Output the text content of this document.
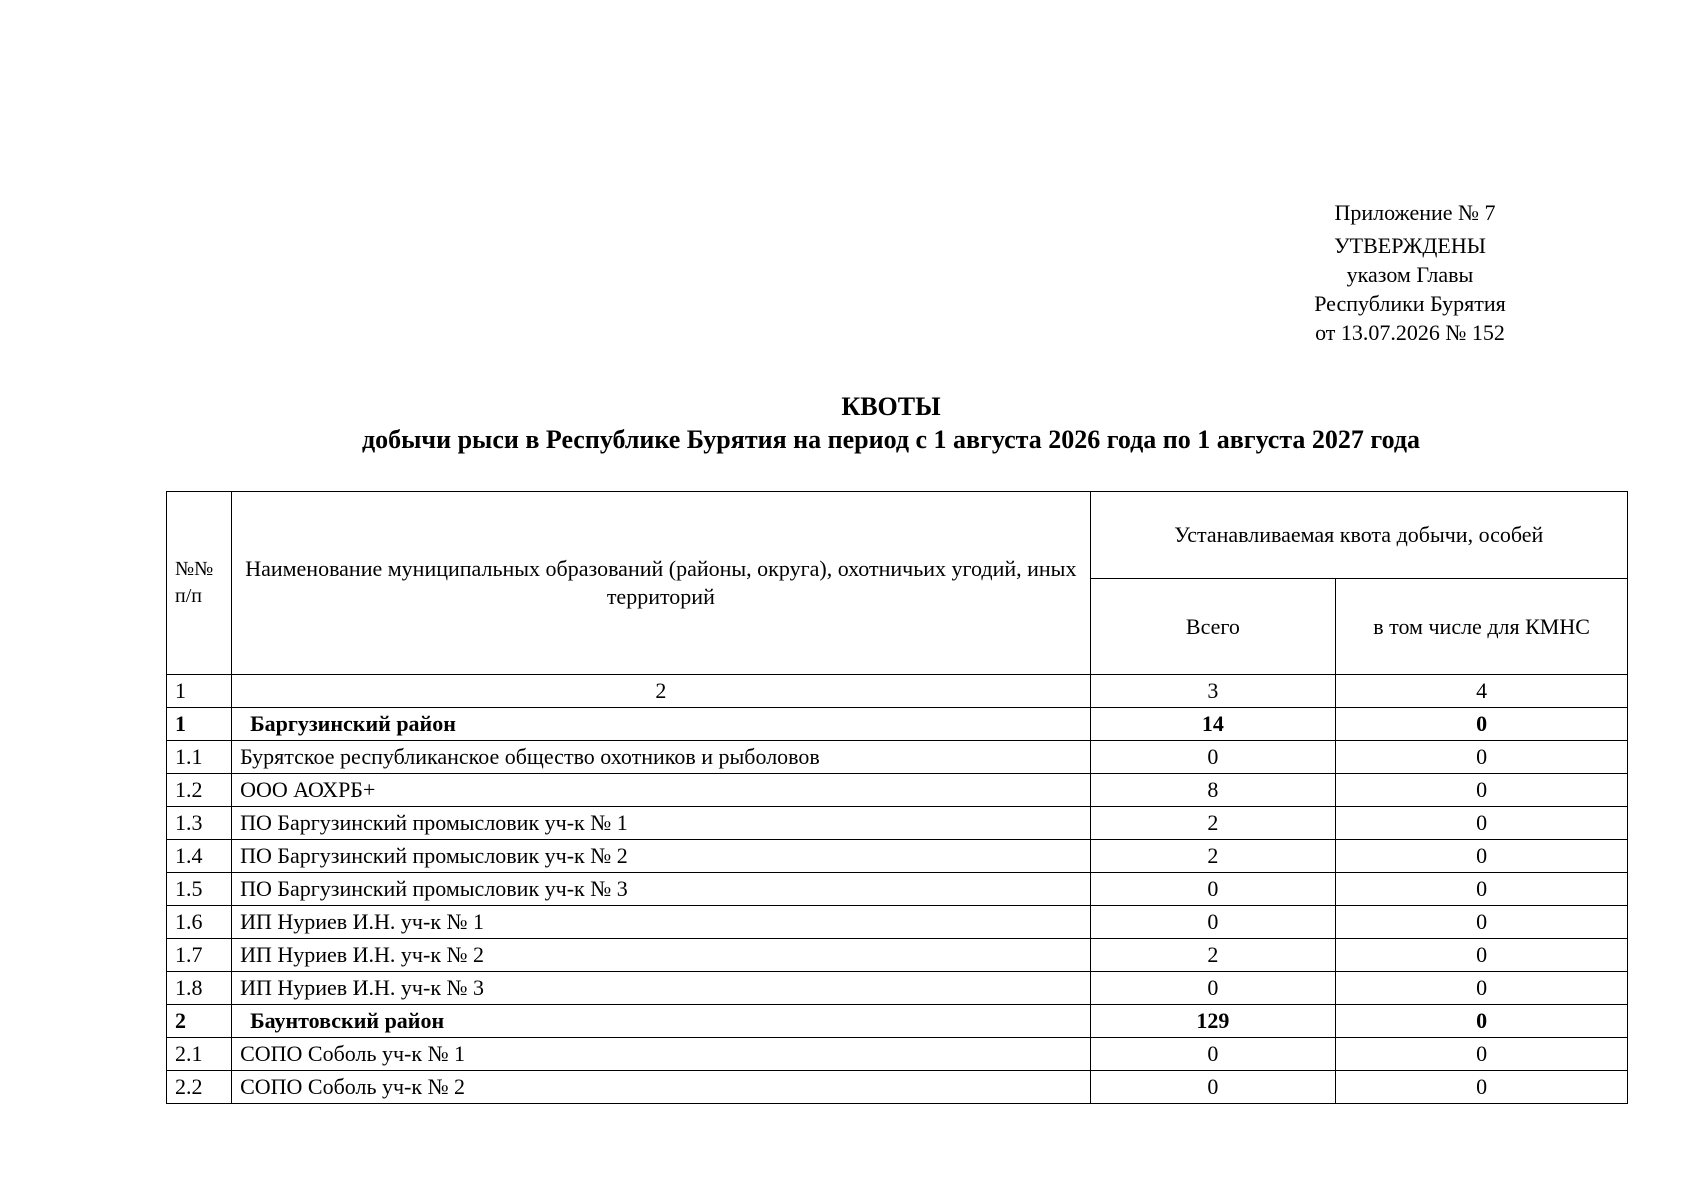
Приложение № 7
УТВЕРЖДЕНЫ
указом Главы
Республики Бурятия
от 13.07.2026 № 152
КВОТЫ
добычи рыси в Республике Бурятия на период с 1 августа 2026 года по 1 августа 2027 года
№№ п/п	Наименование муниципальных образований (районы, округа), охотничьих угодий, иных территорий	Устанавливаемая квота добычи, особей	
		Всего	в том числе для КМНС
1	2	3	4
1	Баргузинский район	14	0
1.1	Бурятское республиканское общество охотников и рыболовов	0	0
1.2	ООО АОХРБ+	8	0
1.3	ПО Баргузинский промысловик уч-к № 1	2	0
1.4	ПО Баргузинский промысловик уч-к № 2	2	0
1.5	ПО Баргузинский промысловик уч-к № 3	0	0
1.6	ИП Нуриев И.Н. уч-к № 1	0	0
1.7	ИП Нуриев И.Н. уч-к № 2	2	0
1.8	ИП Нуриев И.Н. уч-к № 3	0	0
2	Баунтовский район	129	0
2.1	СОПО Соболь уч-к № 1	0	0
2.2	СОПО Соболь уч-к № 2	0	0
